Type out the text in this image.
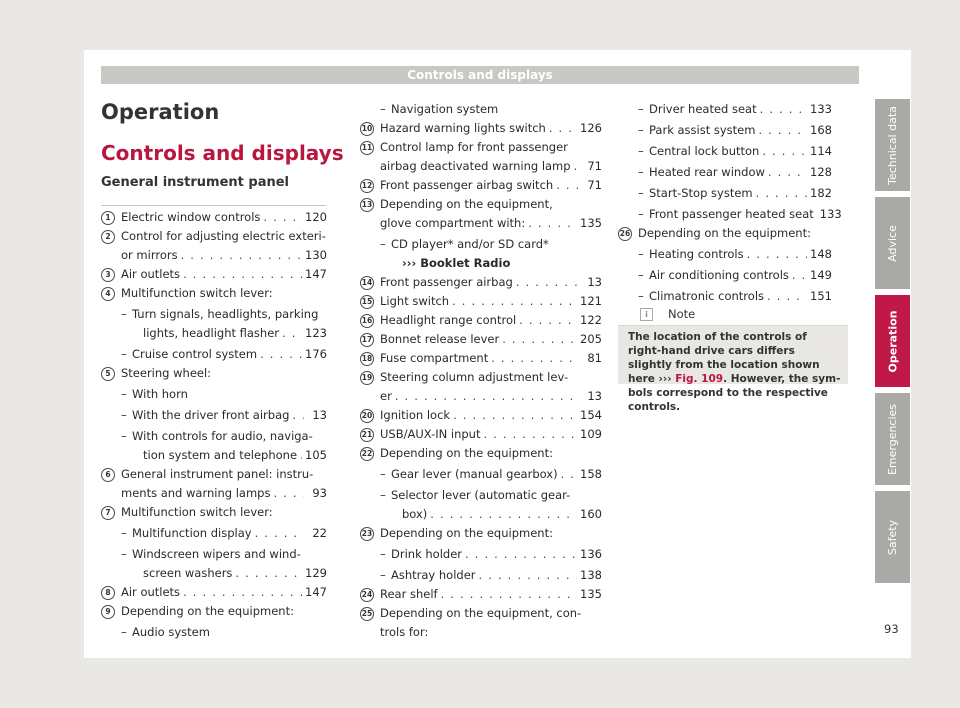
Controls and displays
Operation
Controls and displays
General instrument panel
1 Electric window controls . . .	120
2 Control for adjusting electric exteri-
or mirrors . . .	130
3 Air outlets . . .	147
4 Multifunction switch lever:
– Turn signals, headlights, parking
lights, headlight flasher . . . 123
– Cruise control system . . .	176
5 Steering wheel:
– With horn
– With the driver front airbag . . .	13
– With controls for audio, naviga-
tion system and telephone . . . 105
6 General instrument panel: instru-
ments and warning lamps . . .	93
7 Multifunction switch lever:
– Multifunction display . . .	22
– Windscreen wipers and wind-
screen washers . . .	129
8 Air outlets . . .	147
9 Depending on the equipment:
– Audio system
– Navigation system
10 Hazard warning lights switch . . .	126
11 Control lamp for front passenger
airbag deactivated warning lamp . . .	71
12 Front passenger airbag switch . . .	71
13 Depending on the equipment,
glove compartment with: . . .	135
– CD player* and/or SD card*
››› Booklet Radio
14 Front passenger airbag . . .	13
15 Light switch . . .	121
16 Headlight range control . . .	122
17 Bonnet release lever . . .	205
18 Fuse compartment . . .	81
19 Steering column adjustment lev-
er . . .	13
20 Ignition lock . . .	154
21 USB/AUX-IN input . . .	109
22 Depending on the equipment:
– Gear lever (manual gearbox) . . . 158
– Selector lever (automatic gear-
box) . . .	160
23 Depending on the equipment:
– Drink holder . . .	136
– Ashtray holder . . .	138
24 Rear shelf . . .	135
25 Depending on the equipment, con-
trols for:
– Driver heated seat . . .	133
– Park assist system . . .	168
– Central lock button . . .	114
– Heated rear window . . .	128
– Start-Stop system . . .	182
– Front passenger heated seat 133
26 Depending on the equipment:
– Heating controls . . .	148
– Air conditioning controls . . . 149
– Climatronic controls . . .	151
i	Note
The location of the controls of right-hand drive cars differs slightly from the location shown here ››› Fig. 109. However, the sym-bols correspond to the respective controls.
Technical data
Advice
Operation
Emergencies
Safety
93
